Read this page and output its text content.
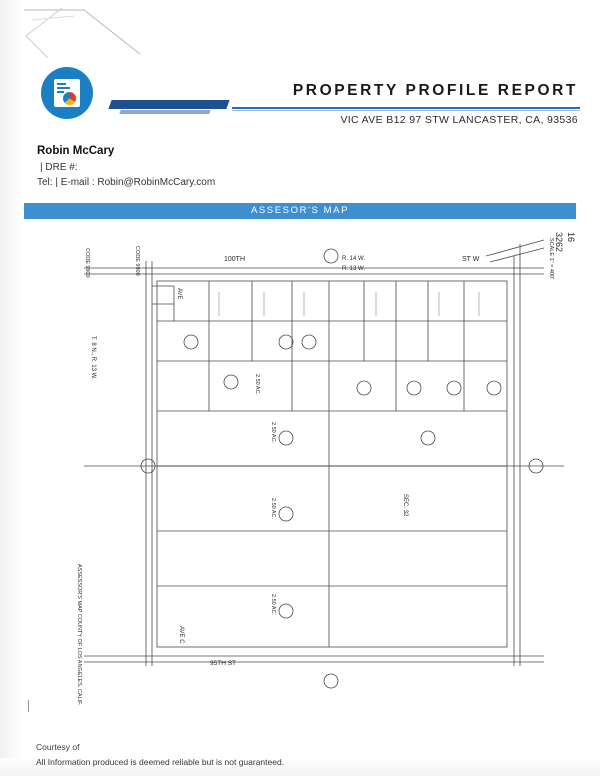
PROPERTY PROFILE REPORT
VIC AVE B12 97 STW LANCASTER, CA, 93536
Robin McCary
| DRE #:
Tel: | E-mail : Robin@RobinMcCary.com
ASSESOR'S MAP
100TH	R. 14 W.
R. 13 W.
ST W
3262 16
SCALE 1" = 400'
CODE 9900	CODE 9900
AVE
T. 8 N., R. 13 W.
ASSESSOR'S MAP COUNTY OF LOS ANGELES, CALIF.	AVE C
95TH ST
2.50 AC.
2.50 AC.
2.50 AC.
2.50 AC.
SEC. 32
Courtesy of
All Information produced is deemed reliable but is not guaranteed.
